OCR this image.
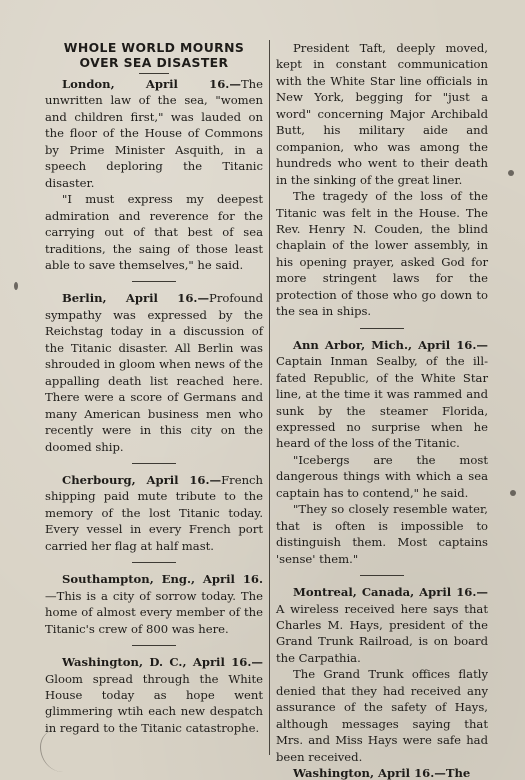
WHOLE WORLD MOURNS OVER SEA DISASTER

London, April 16.—The unwritten law of the sea, "women and children first," was lauded on the floor of the House of Commons by Prime Minister Asquith, in a speech deploring the Titanic disaster.

"I must express my deepest admiration and reverence for the carrying out of that best of sea traditions, the saing of those least able to save themselves," he said.

Berlin, April 16.—Profound sympathy was expressed by the Reichstag today in a discussion of the Titanic disaster. All Berlin was shrouded in gloom when news of the appalling death list reached here. There were a score of Germans and many American business men who recently were in this city on the doomed ship.

Cherbourg, April 16.—French shipping paid mute tribute to the memory of the lost Titanic today. Every vessel in every French port carried her flag at half mast.

Southampton, Eng., April 16. —This is a city of sorrow today. The home of almost every member of the Titanic's crew of 800 was here.

Washington, D. C., April 16.— Gloom spread through the White House today as hope went glimmering wtih each new despatch in regard to the Titanic catastrophe.

President Taft, deeply moved, kept in constant communication with the White Star line officials in New York, begging for "just a word" concerning Major Archibald Butt, his military aide and companion, who was among the hundreds who went to their death in the sinking of the great liner.

The tragedy of the loss of the Titanic was felt in the House. The Rev. Henry N. Couden, the blind chaplain of the lower assembly, in his opening prayer, asked God for more stringent laws for the protection of those who go down to the sea in ships.

Ann Arbor, Mich., April 16.— Captain Inman Sealby, of the ill-fated Republic, of the White Star line, at the time it was rammed and sunk by the steamer Florida, expressed no surprise when he heard of the loss of the Titanic.

"Icebergs are the most dangerous things with which a sea captain has to contend," he said.

"They so closely resemble water, that is often is impossible to distinguish them. Most captains 'sense' them."

Montreal, Canada, April 16.— A wireless received here says that Charles M. Hays, president of the Grand Trunk Railroad, is on board the Carpathia.

The Grand Trunk offices flatly denied that they had received any assurance of the safety of Hays, although messages saying that Mrs. and Miss Hays were safe had been received.

Washington, April 16.—The
